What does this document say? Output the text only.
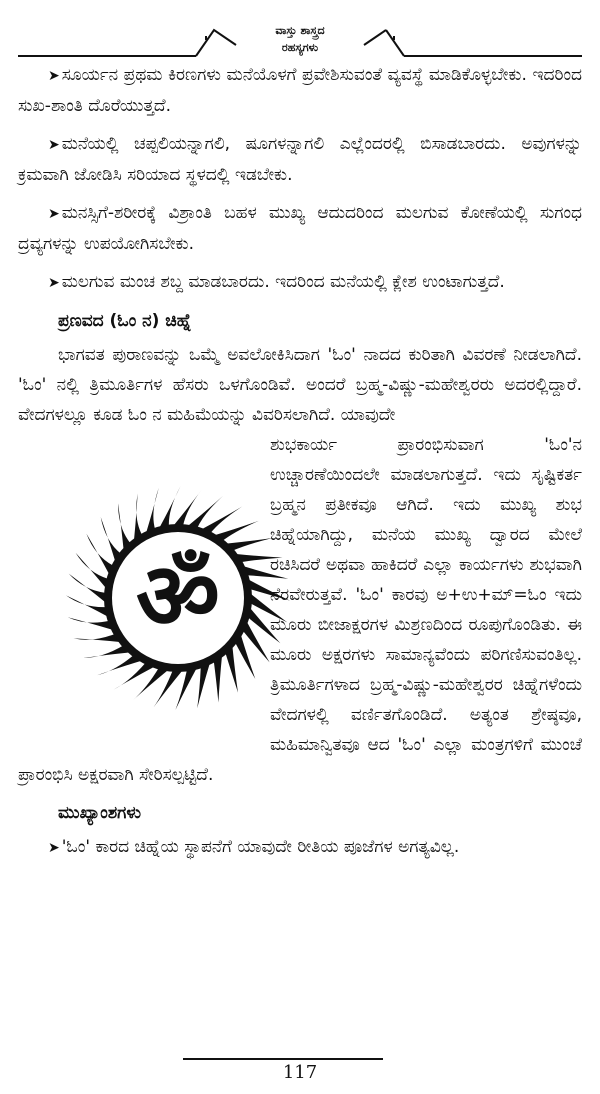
ವಾಸ್ತು ಶಾಸ್ತ್ರದ
ರಹಸ್ಯಗಳು

➤ ಸೂರ್ಯನ ಪ್ರಥಮ ಕಿರಣಗಳು ಮನೆಯೊಳಗೆ ಪ್ರವೇಶಿಸುವಂತೆ ವ್ಯವಸ್ಥೆ ಮಾಡಿಕೊಳ್ಳಬೇಕು. ಇದರಿಂದ ಸುಖ-ಶಾಂತಿ ದೊರೆಯುತ್ತದೆ.

➤ ಮನೆಯಲ್ಲಿ ಚಪ್ಪಲಿಯನ್ನಾಗಲಿ, ಷೂಗಳನ್ನಾಗಲಿ ಎಲ್ಲೆಂದರಲ್ಲಿ ಬಿಸಾಡಬಾರದು. ಅವುಗಳನ್ನು ಕ್ರಮವಾಗಿ ಜೋಡಿಸಿ ಸರಿಯಾದ ಸ್ಥಳದಲ್ಲಿ ಇಡಬೇಕು.

➤ ಮನಸ್ಸಿಗೆ-ಶರೀರಕ್ಕೆ ವಿಶ್ರಾಂತಿ ಬಹಳ ಮುಖ್ಯ ಆದುದರಿಂದ ಮಲಗುವ ಕೋಣೆಯಲ್ಲಿ ಸುಗಂಧ ದ್ರವ್ಯಗಳನ್ನು ಉಪಯೋಗಿಸಬೇಕು.

➤ ಮಲಗುವ ಮಂಚ ಶಬ್ದ ಮಾಡಬಾರದು. ಇದರಿಂದ ಮನೆಯಲ್ಲಿ ಕ್ಲೇಶ ಉಂಟಾಗುತ್ತದೆ.

ಪ್ರಣವದ (ಓಂ ನ) ಚಿಹ್ನೆ

ಭಾಗವತ ಪುರಾಣವನ್ನು ಒಮ್ಮೆ ಅವಲೋಕಿಸಿದಾಗ 'ಓಂ' ನಾದದ ಕುರಿತಾಗಿ ವಿವರಣೆ ನೀಡಲಾಗಿದೆ. 'ಓಂ' ನಲ್ಲಿ ತ್ರಿಮೂರ್ತಿಗಳ ಹೆಸರು ಒಳಗೊಂಡಿವೆ. ಅಂದರೆ ಬ್ರಹ್ಮ-ವಿಷ್ಣು-ಮಹೇಶ್ವರರು ಅದರಲ್ಲಿದ್ದಾರೆ. ವೇದಗಳಲ್ಲೂ ಕೂಡ ಓಂ ನ ಮಹಿಮೆಯನ್ನು ವಿವರಿಸಲಾಗಿದೆ. ಯಾವುದೇ

ॐ
ಶುಭಕಾರ್ಯ ಪ್ರಾರಂಭಿಸುವಾಗ 'ಓಂ'ನ ಉಚ್ಚಾರಣೆಯಿಂದಲೇ ಮಾಡಲಾಗುತ್ತದೆ. ಇದು ಸೃಷ್ಟಿಕರ್ತ ಬ್ರಹ್ಮನ ಪ್ರತೀಕವೂ ಆಗಿದೆ. ಇದು ಮುಖ್ಯ ಶುಭ ಚಿಹ್ನೆಯಾಗಿದ್ದು, ಮನೆಯ ಮುಖ್ಯ ದ್ವಾರದ ಮೇಲೆ ರಚಿಸಿದರೆ ಅಥವಾ ಹಾಕಿದರೆ ಎಲ್ಲಾ ಕಾರ್ಯಗಳು ಶುಭವಾಗಿ ನೆರವೇರುತ್ತವೆ. 'ಓಂ' ಕಾರವು ಅ+ಉ+ಮ್=ಓಂ ಇದು ಮೂರು ಬೀಜಾಕ್ಷರಗಳ ಮಿಶ್ರಣದಿಂದ ರೂಪುಗೊಂಡಿತು. ಈ ಮೂರು ಅಕ್ಷರಗಳು ಸಾಮಾನ್ಯವೆಂದು ಪರಿಗಣಿಸುವಂತಿಲ್ಲ. ತ್ರಿಮೂರ್ತಿಗಳಾದ ಬ್ರಹ್ಮ-ವಿಷ್ಣು-ಮಹೇಶ್ವರರ ಚಿಹ್ನೆಗಳೆಂದು ವೇದಗಳಲ್ಲಿ ವರ್ಣಿತಗೊಂಡಿದೆ. ಅತ್ಯಂತ ಶ್ರೇಷ್ಠವೂ, ಮಹಿಮಾನ್ವಿತವೂ ಆದ 'ಓಂ' ಎಲ್ಲಾ ಮಂತ್ರಗಳಿಗೆ ಮುಂಚೆ ಪ್ರಾರಂಭಿಸಿ ಅಕ್ಷರವಾಗಿ ಸೇರಿಸಲ್ಪಟ್ಟಿದೆ.

ಮುಖ್ಯಾಂಶಗಳು

➤ 'ಓಂ' ಕಾರದ ಚಿಹ್ನೆಯ ಸ್ಥಾಪನೆಗೆ ಯಾವುದೇ ರೀತಿಯ ಪೂಜೆಗಳ ಅಗತ್ಯವಿಲ್ಲ.

117
